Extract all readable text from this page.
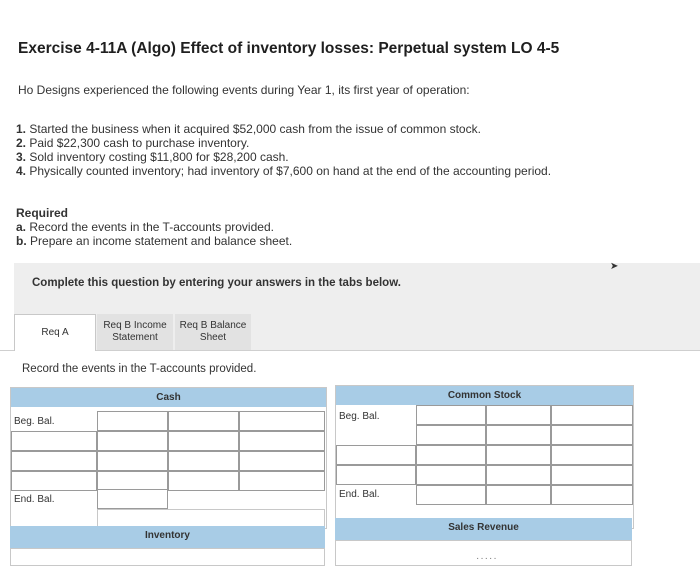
Exercise 4-11A (Algo) Effect of inventory losses: Perpetual system LO 4-5
Ho Designs experienced the following events during Year 1, its first year of operation:
1. Started the business when it acquired $52,000 cash from the issue of common stock.
2. Paid $22,300 cash to purchase inventory.
3. Sold inventory costing $11,800 for $28,200 cash.
4. Physically counted inventory; had inventory of $7,600 on hand at the end of the accounting period.
Required
a. Record the events in the T-accounts provided.
b. Prepare an income statement and balance sheet.
➤
Complete this question by entering your answers in the tabs below.
Req A
Req B Income
Statement
Req B Balance
Sheet
Record the events in the T-accounts provided.
Cash
Beg. Bal.
End. Bal.
Common Stock
Beg. Bal.
End. Bal.
Inventory
Sales Revenue
·····
